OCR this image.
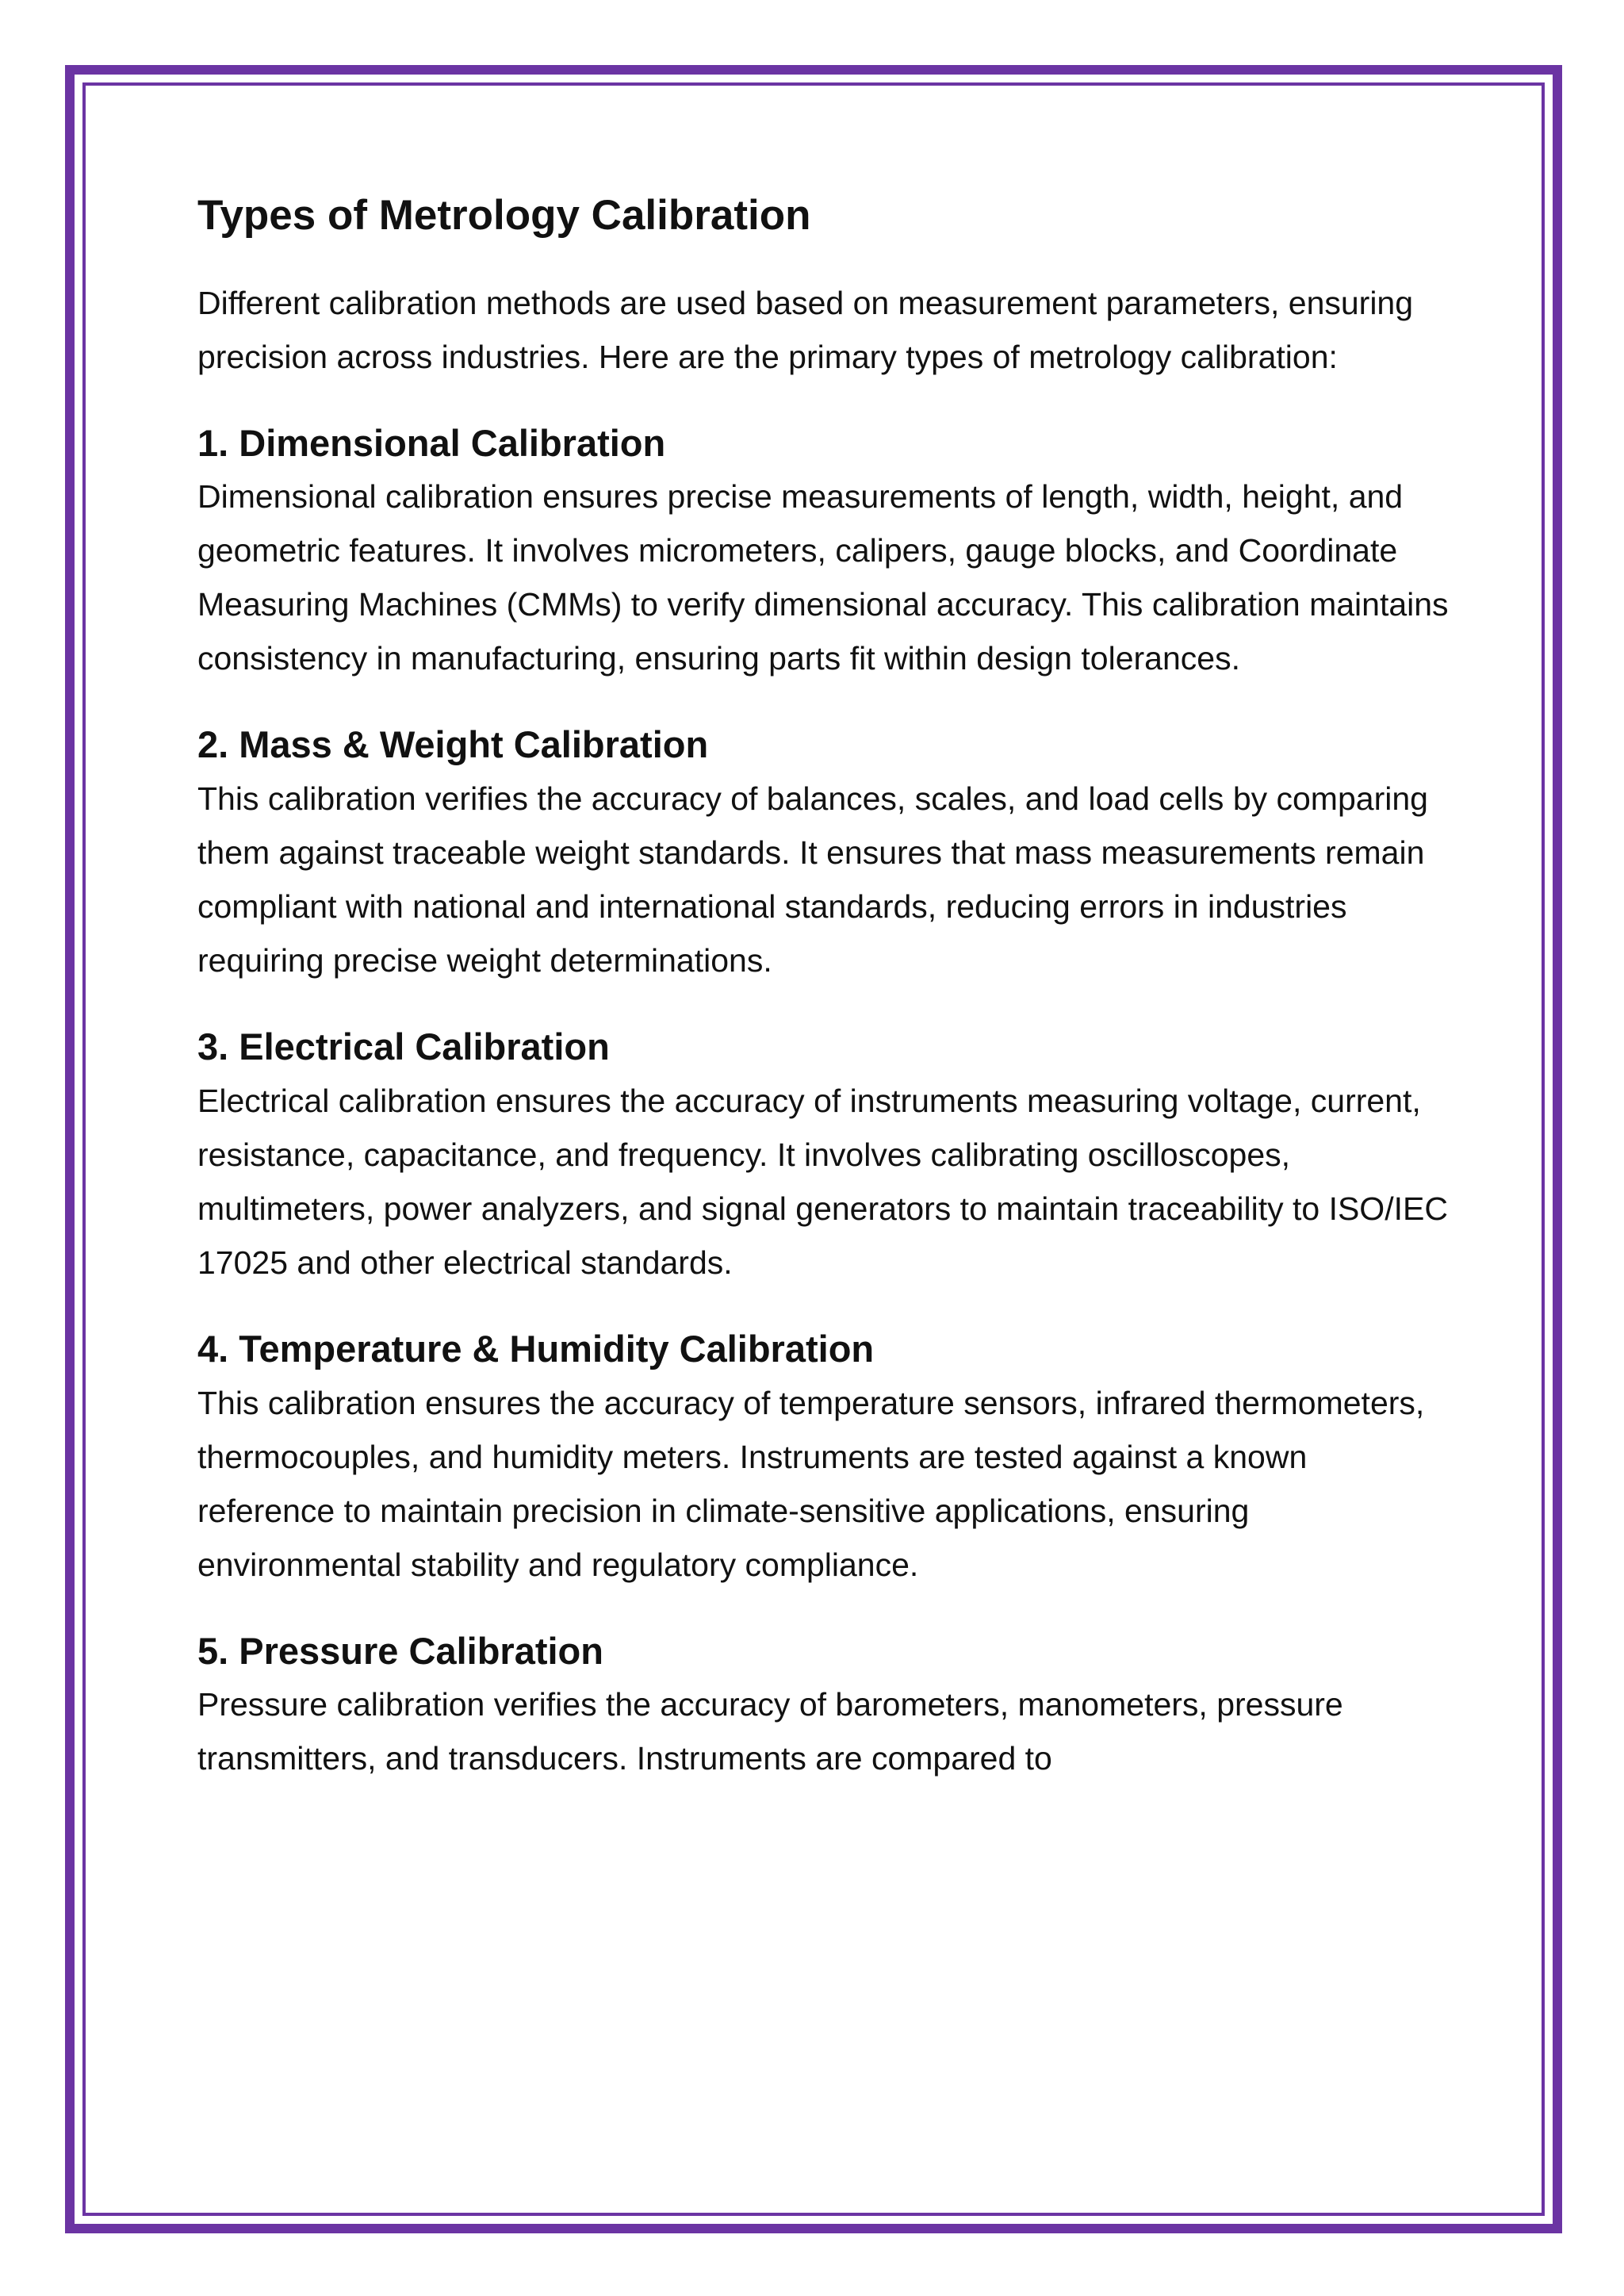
Types of Metrology Calibration

Different calibration methods are used based on measurement parameters, ensuring precision across industries. Here are the primary types of metrology calibration:

1. Dimensional Calibration

Dimensional calibration ensures precise measurements of length, width, height, and geometric features. It involves micrometers, calipers, gauge blocks, and Coordinate Measuring Machines (CMMs) to verify dimensional accuracy. This calibration maintains consistency in manufacturing, ensuring parts fit within design tolerances.

2. Mass & Weight Calibration

This calibration verifies the accuracy of balances, scales, and load cells by comparing them against traceable weight standards. It ensures that mass measurements remain compliant with national and international standards, reducing errors in industries requiring precise weight determinations.

3. Electrical Calibration

Electrical calibration ensures the accuracy of instruments measuring voltage, current, resistance, capacitance, and frequency. It involves calibrating oscilloscopes, multimeters, power analyzers, and signal generators to maintain traceability to ISO/IEC 17025 and other electrical standards.

4. Temperature & Humidity Calibration

This calibration ensures the accuracy of temperature sensors, infrared thermometers, thermocouples, and humidity meters. Instruments are tested against a known reference to maintain precision in climate-sensitive applications, ensuring environmental stability and regulatory compliance.

5. Pressure Calibration

Pressure calibration verifies the accuracy of barometers, manometers, pressure transmitters, and transducers. Instruments are compared to
